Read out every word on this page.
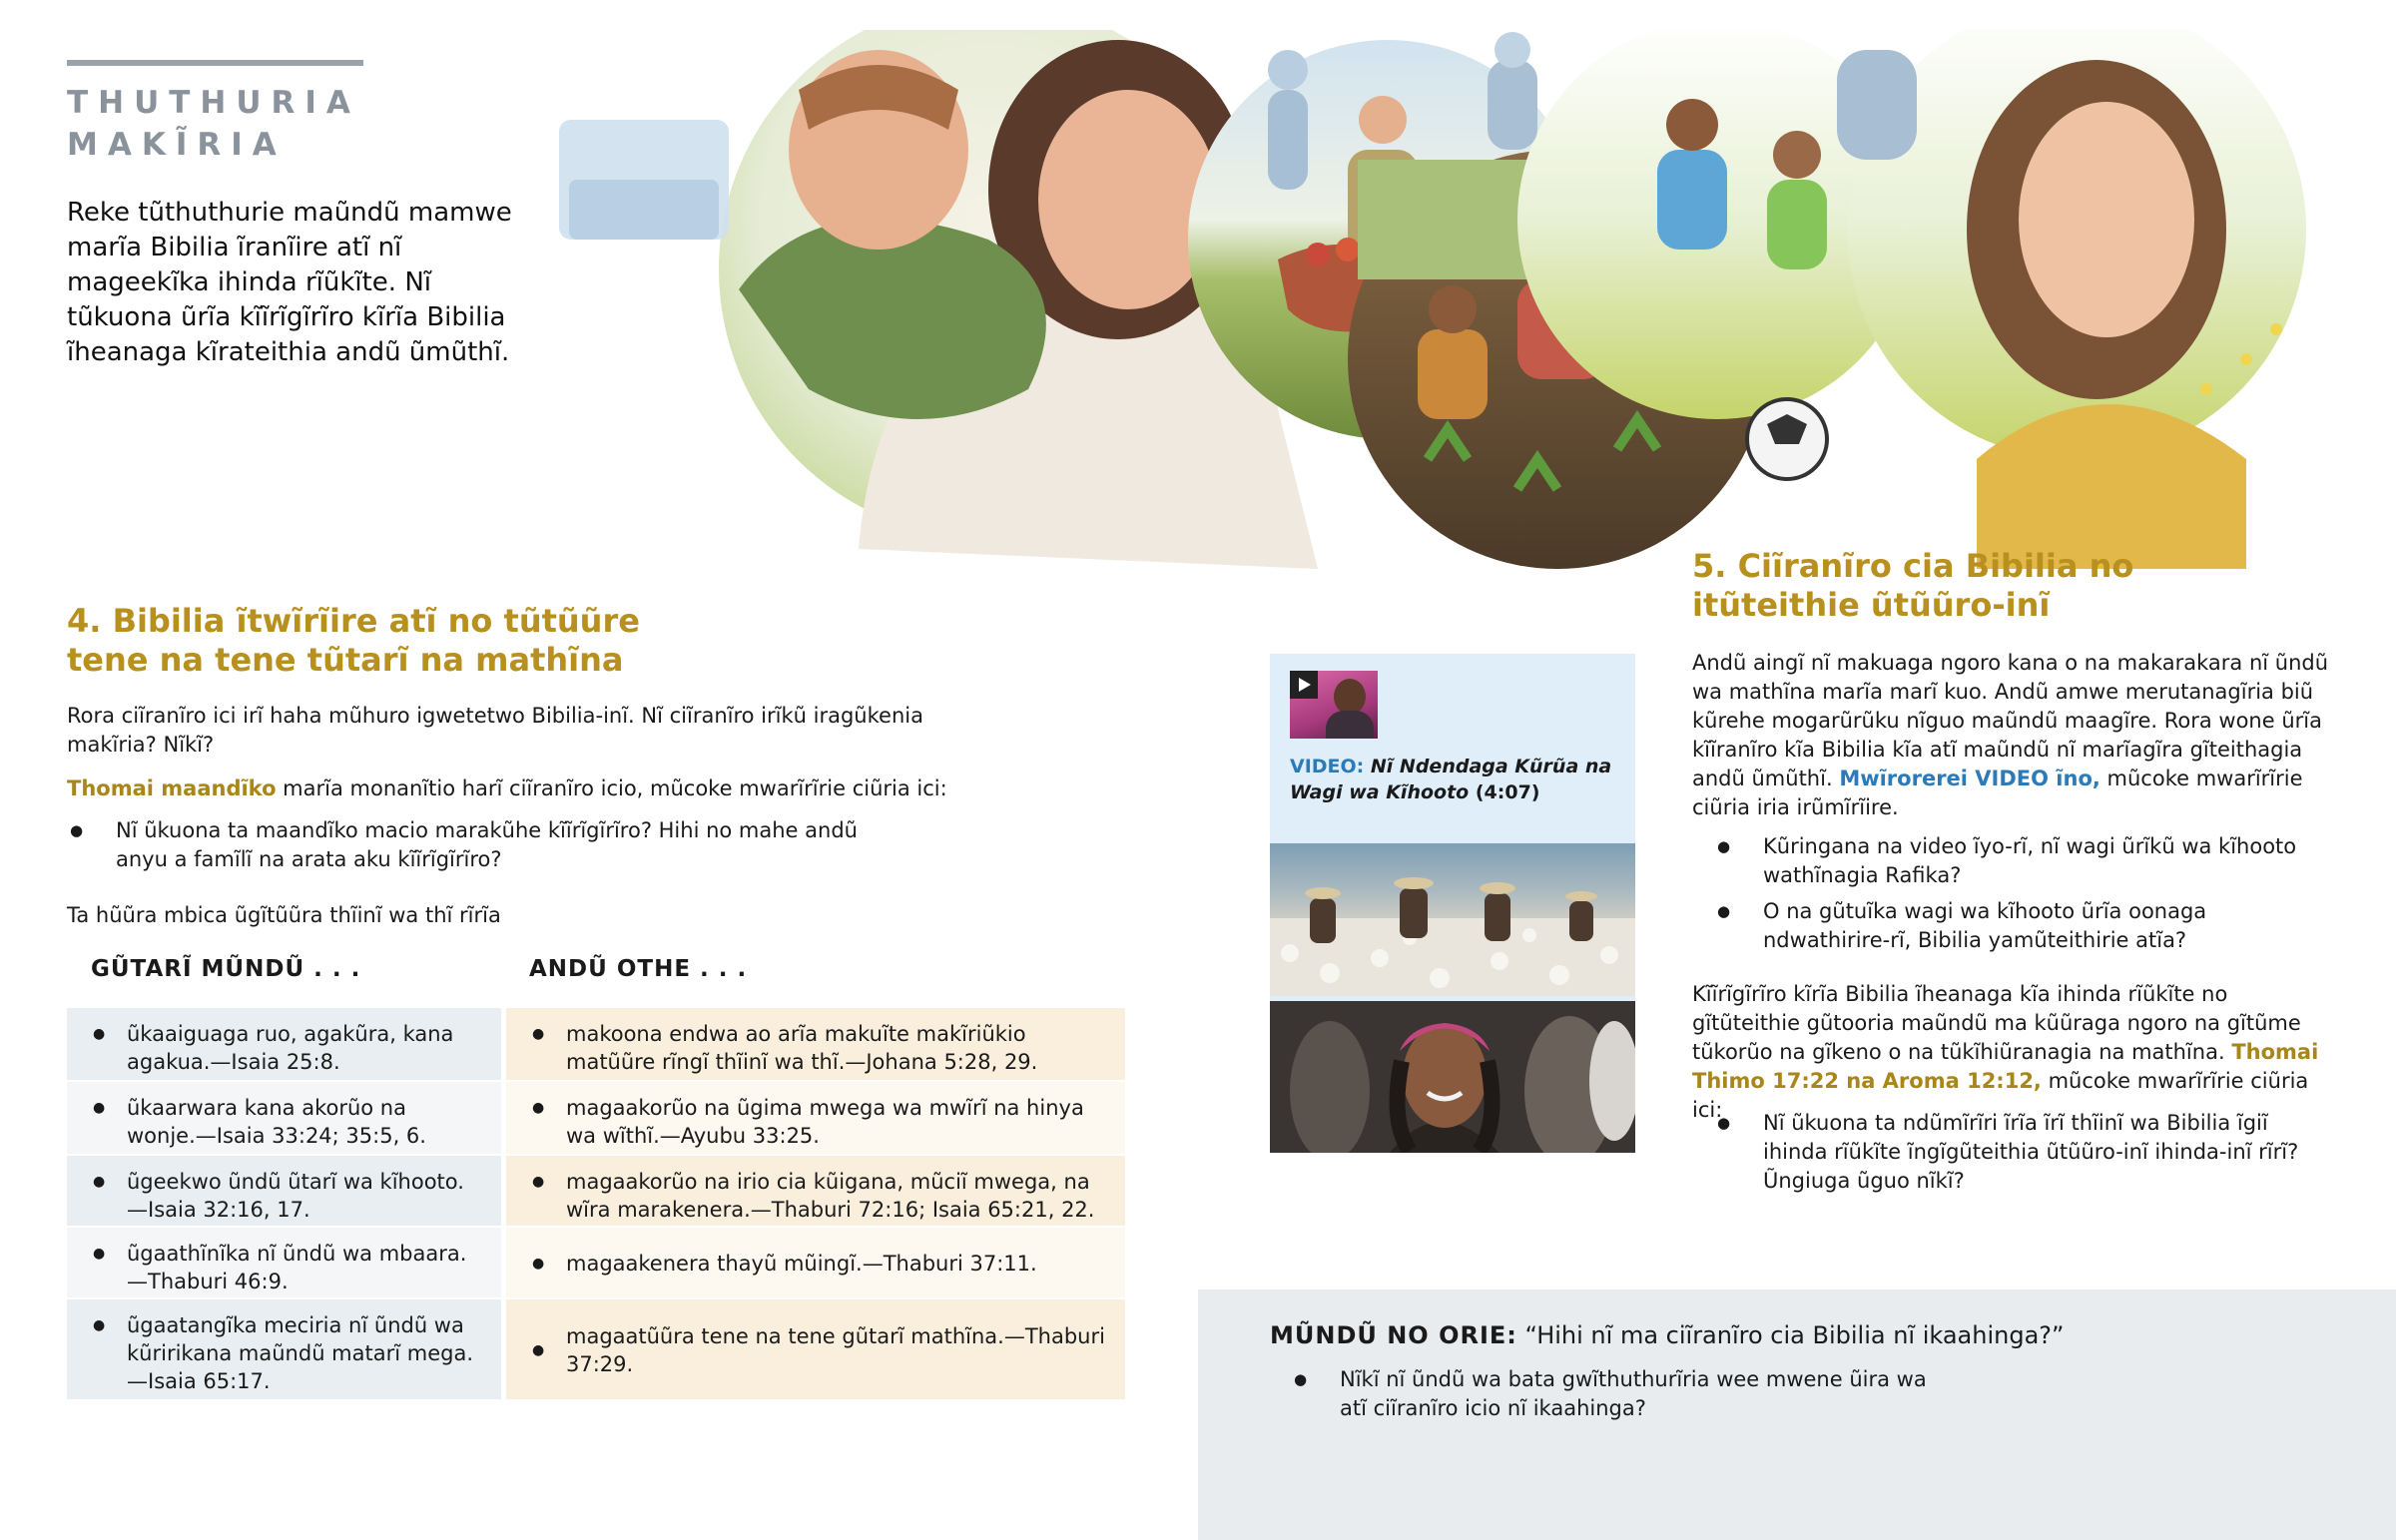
THUTHURIA
MAKĨRIA

Reke tũthuthurie maũndũ mamwe marĩa Bibilia ĩranĩire atĩ nĩ mageekĩka ihinda rĩũkĩte. Nĩ tũkuona ũrĩa kĩĩrĩgĩrĩro kĩrĩa Bibilia ĩheanaga kĩrateithia andũ ũmũthĩ.

4. Bibilia ĩtwĩrĩire atĩ no tũtũũre tene na tene tũtarĩ na mathĩna

Rora ciĩranĩro ici irĩ haha mũhuro igwetetwo Bibilia-inĩ. Nĩ ciĩranĩro irĩkũ iragũkenia makĩria? Nĩkĩ?

Thomai maandĩko marĩa monanĩtio harĩ ciĩranĩro icio, mũcoke mwarĩrĩrie ciũria ici:

● Nĩ ũkuona ta maandĩko macio marakũhe kĩĩrĩgĩrĩro? Hihi no mahe andũ anyu a famĩlĩ na arata aku kĩĩrĩgĩrĩro?

Ta hũũra mbica ũgĩtũũra thĩinĩ wa thĩ rĩrĩa

GŨTARĨ MŨNDŨ . . .	ANDŨ OTHE . . .
● ũkaaiguaga ruo, agakũra, kana agakua.—Isaia 25:8.
● makoona endwa ao arĩa makuĩte makĩriũkio matũũre rĩngĩ thĩinĩ wa thĩ.—Johana 5:28, 29.
● ũkaarwara kana akorũo na wonje.—Isaia 33:24; 35:5, 6.
● magaakorũo na ũgima mwega wa mwĩrĩ na hinya wa wĩthĩ.—Ayubu 33:25.
● ũgeekwo ũndũ ũtarĩ wa kĩhooto.—Isaia 32:16, 17.
● magaakorũo na irio cia kũigana, mũciĩ mwega, na wĩra marakenera.—Thaburi 72:16; Isaia 65:21, 22.
● ũgaathĩnĩka nĩ ũndũ wa mbaara.—Thaburi 46:9.
● magaakenera thayũ mũingĩ.—Thaburi 37:11.
● ũgaatangĩka meciria nĩ ũndũ wa kũririkana maũndũ matarĩ mega.—Isaia 65:17.
● magaatũũra tene na tene gũtarĩ mathĩna.—Thaburi 37:29.
VIDEO: Nĩ Ndendaga Kũrũa na Wagi wa Kĩhooto (4:07)
5. Ciĩranĩro cia Bibilia no itũteithie ũtũũro-inĩ

Andũ aingĩ nĩ makuaga ngoro kana o na makarakara nĩ ũndũ wa mathĩna marĩa marĩ kuo. Andũ amwe merutanagĩria biũ kũrehe mogarũrũku nĩguo maũndũ maagĩre. Rora wone ũrĩa kĩĩranĩro kĩa Bibilia kĩa atĩ maũndũ nĩ marĩagĩra gĩteithagia andũ ũmũthĩ. Mwĩrorerei VIDEO ĩno, mũcoke mwarĩrĩrie ciũria iria irũmĩrĩire.

● Kũringana na video ĩyo-rĩ, nĩ wagi ũrĩkũ wa kĩhooto wathĩnagia Rafika?

● O na gũtuĩka wagi wa kĩhooto ũrĩa oonaga ndwathirire-rĩ, Bibilia yamũteithirie atĩa?

Kĩĩrĩgĩrĩro kĩrĩa Bibilia ĩheanaga kĩa ihinda rĩũkĩte no gĩtũteithie gũtooria maũndũ ma kũũraga ngoro na gĩtũme tũkorũo na gĩkeno o na tũkĩhiũranagia na mathĩna. Thomai Thimo 17:22 na Aroma 12:12, mũcoke mwarĩrĩrie ciũria ici:

● Nĩ ũkuona ta ndũmĩrĩri ĩrĩa ĩrĩ thĩinĩ wa Bibilia ĩgiĩ ihinda rĩũkĩte ĩngĩgũteithia ũtũũro-inĩ ihinda-inĩ rĩrĩ? Ũngiuga ũguo nĩkĩ?

MŨNDŨ NO ORIE: “Hihi nĩ ma ciĩranĩro cia Bibilia nĩ ikaahinga?”

● Nĩkĩ nĩ ũndũ wa bata gwĩthuthurĩria wee mwene ũira wa atĩ ciĩranĩro icio nĩ ikaahinga?
